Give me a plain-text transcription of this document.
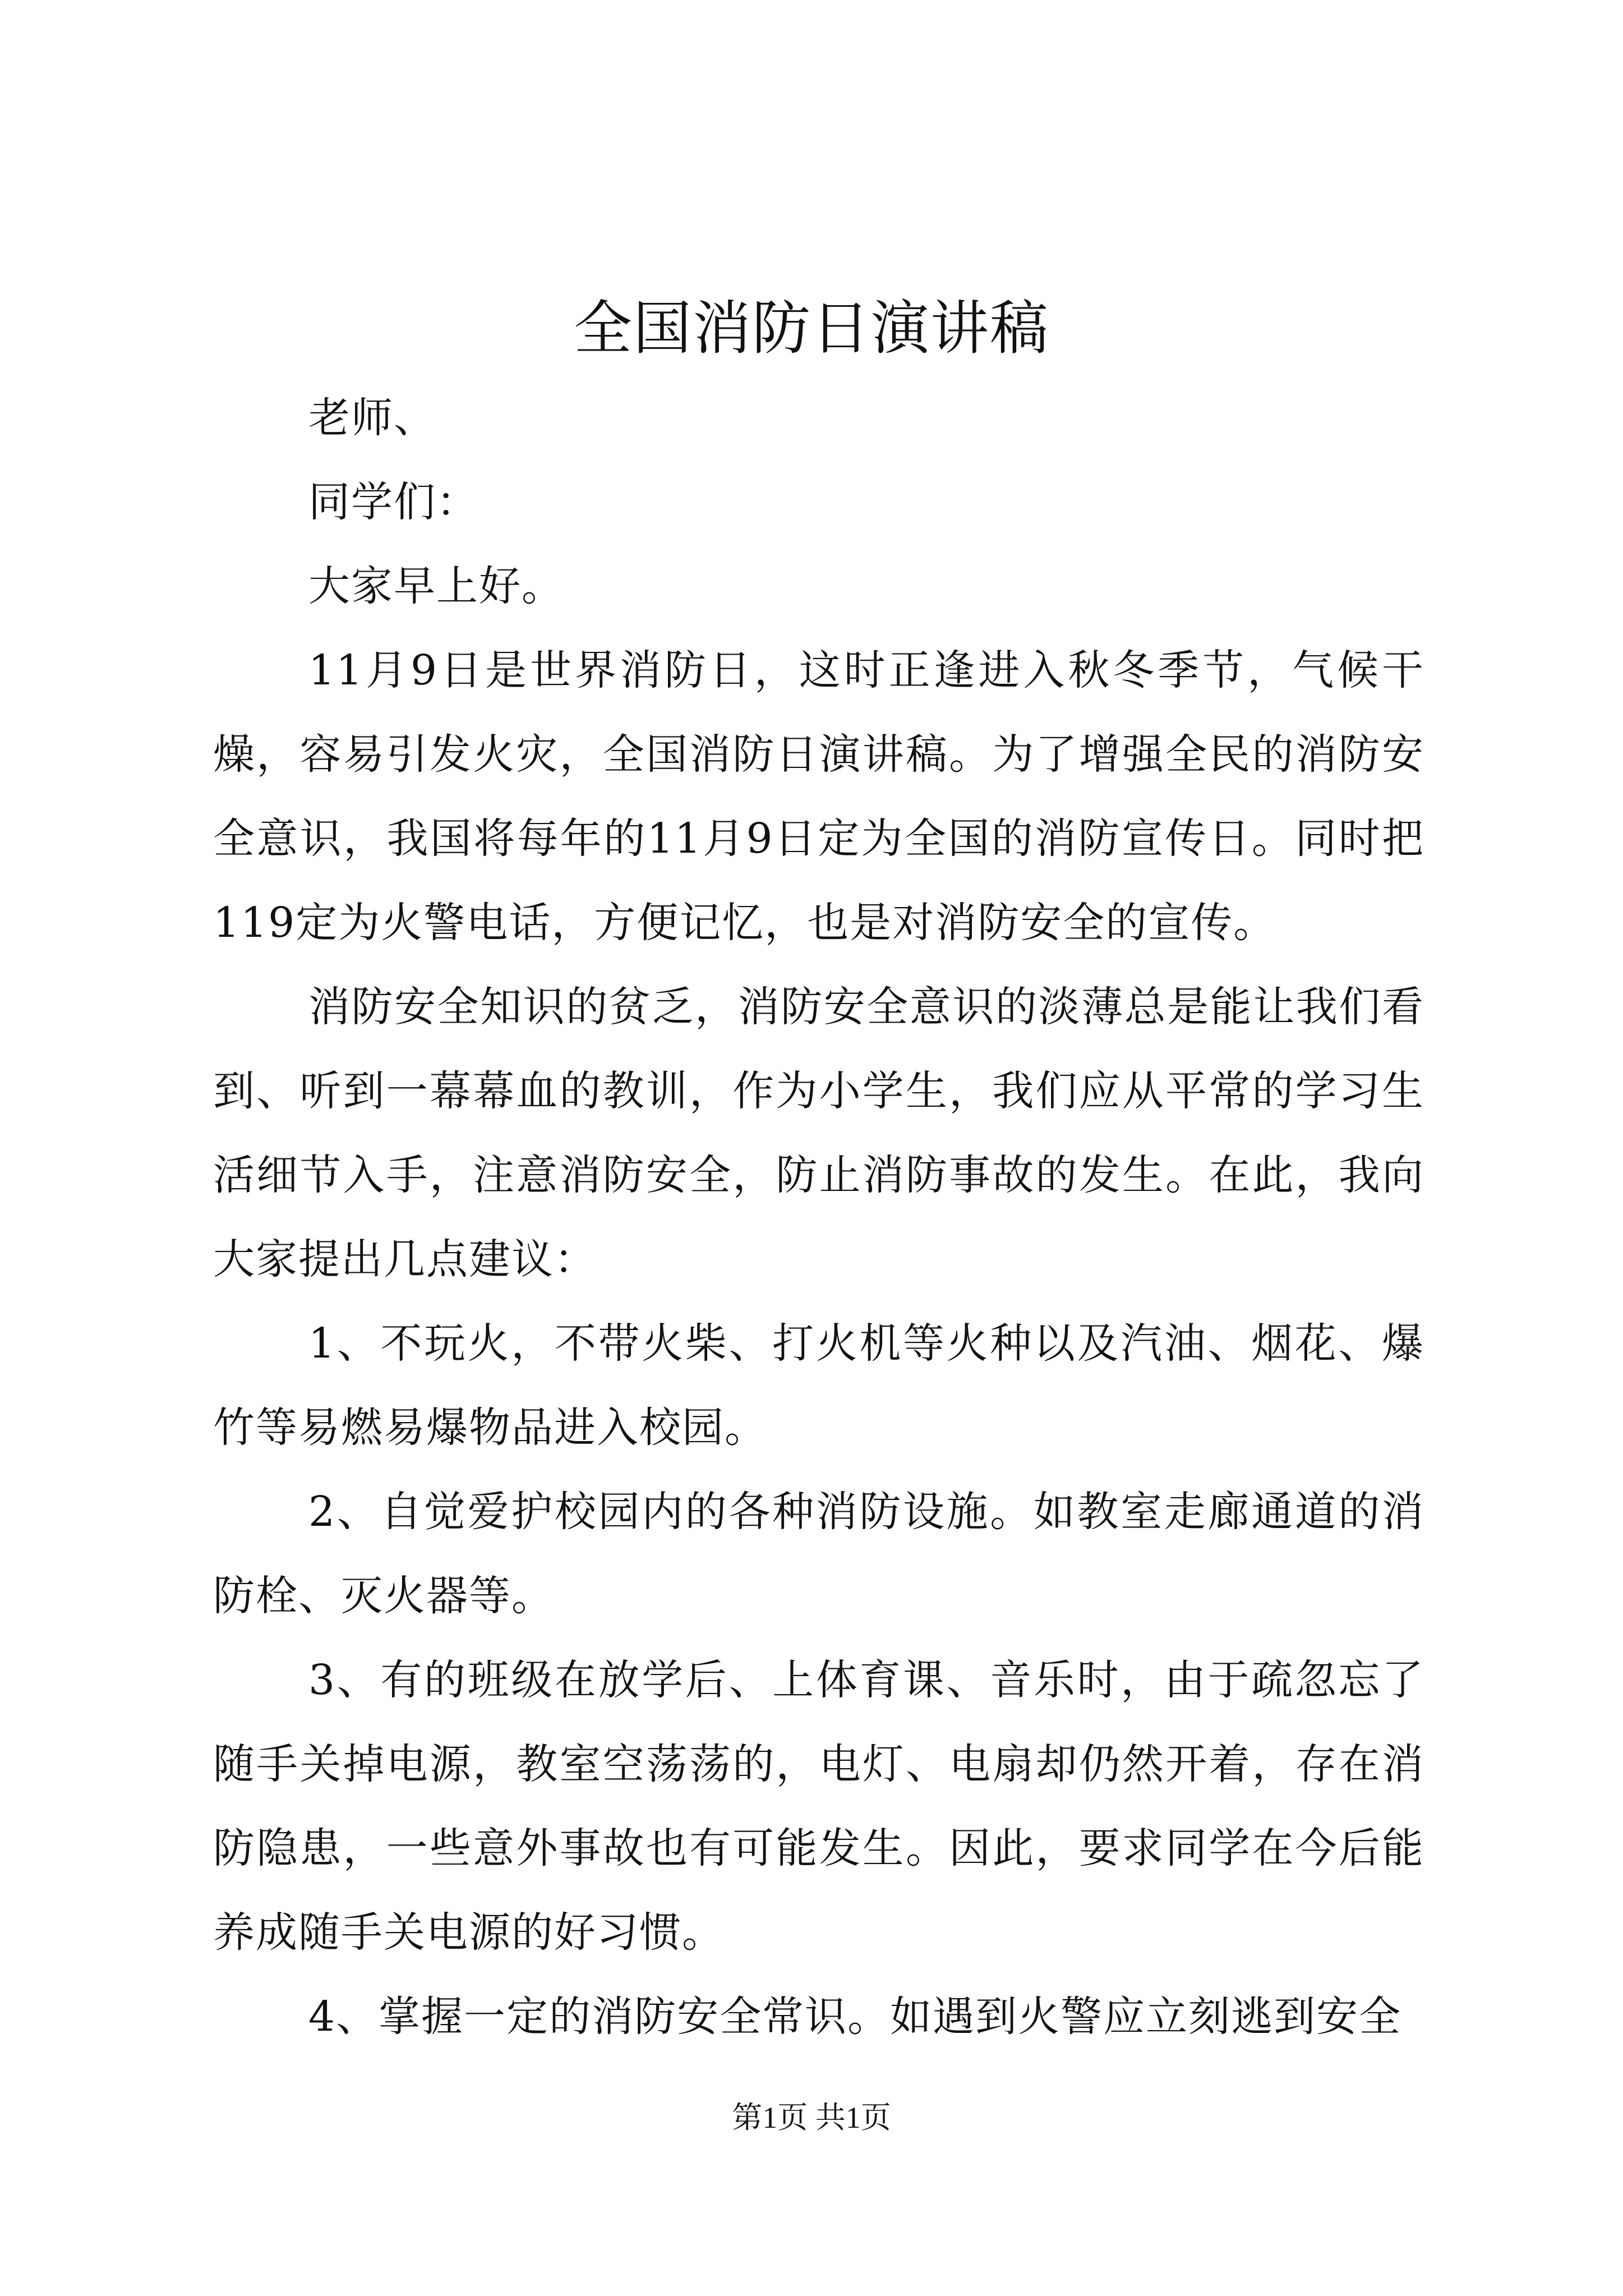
全国消防日演讲稿

老师、

同学们：

大家早上好。

11月9日是世界消防日，这时正逢进入秋冬季节，气候干燥，容易引发火灾，全国消防日演讲稿。为了增强全民的消防安全意识，我国将每年的11月9日定为全国的消防宣传日。同时把119定为火警电话，方便记忆，也是对消防安全的宣传。

消防安全知识的贫乏，消防安全意识的淡薄总是能让我们看到、听到一幕幕血的教训，作为小学生，我们应从平常的学习生活细节入手，注意消防安全，防止消防事故的发生。在此，我向大家提出几点建议：

1、不玩火，不带火柴、打火机等火种以及汽油、烟花、爆竹等易燃易爆物品进入校园。

2、自觉爱护校园内的各种消防设施。如教室走廊通道的消防栓、灭火器等。

3、有的班级在放学后、上体育课、音乐时，由于疏忽忘了随手关掉电源，教室空荡荡的，电灯、电扇却仍然开着，存在消防隐患，一些意外事故也有可能发生。因此，要求同学在今后能养成随手关电源的好习惯。

4、掌握一定的消防安全常识。如遇到火警应立刻逃到安全

第1页 共1页
